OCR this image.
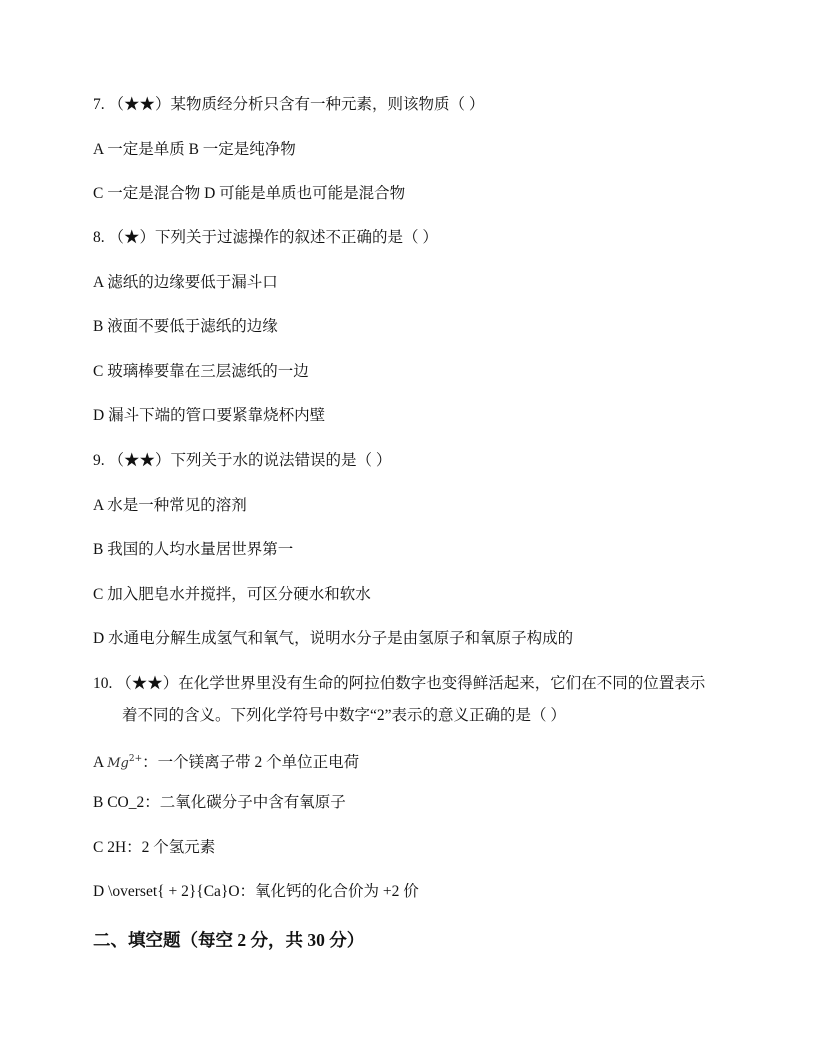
7. （★★）某物质经分析只含有一种元素，则该物质（ ）
A 一定是单质 B 一定是纯净物
C 一定是混合物 D 可能是单质也可能是混合物
8. （★）下列关于过滤操作的叙述不正确的是（ ）
A 滤纸的边缘要低于漏斗口
B 液面不要低于滤纸的边缘
C 玻璃棒要靠在三层滤纸的一边
D 漏斗下端的管口要紧靠烧杯内壁
9. （★★）下列关于水的说法错误的是（ ）
A 水是一种常见的溶剂
B 我国的人均水量居世界第一
C 加入肥皂水并搅拌，可区分硬水和软水
D 水通电分解生成氢气和氧气，说明水分子是由氢原子和氧原子构成的
10. （★★）在化学世界里没有生命的阿拉伯数字也变得鲜活起来，它们在不同的位置表示
着不同的含义。下列化学符号中数字“2”表示的意义正确的是（ ）
A $Mg^{2+}$：一个镁离子带 2 个单位正电荷
B CO_2：二氧化碳分子中含有氧原子
C 2H：2 个氢元素
D \overset{ + 2}{Ca}O：氧化钙的化合价为 +2 价
二、填空题（每空 2 分，共 30 分）
